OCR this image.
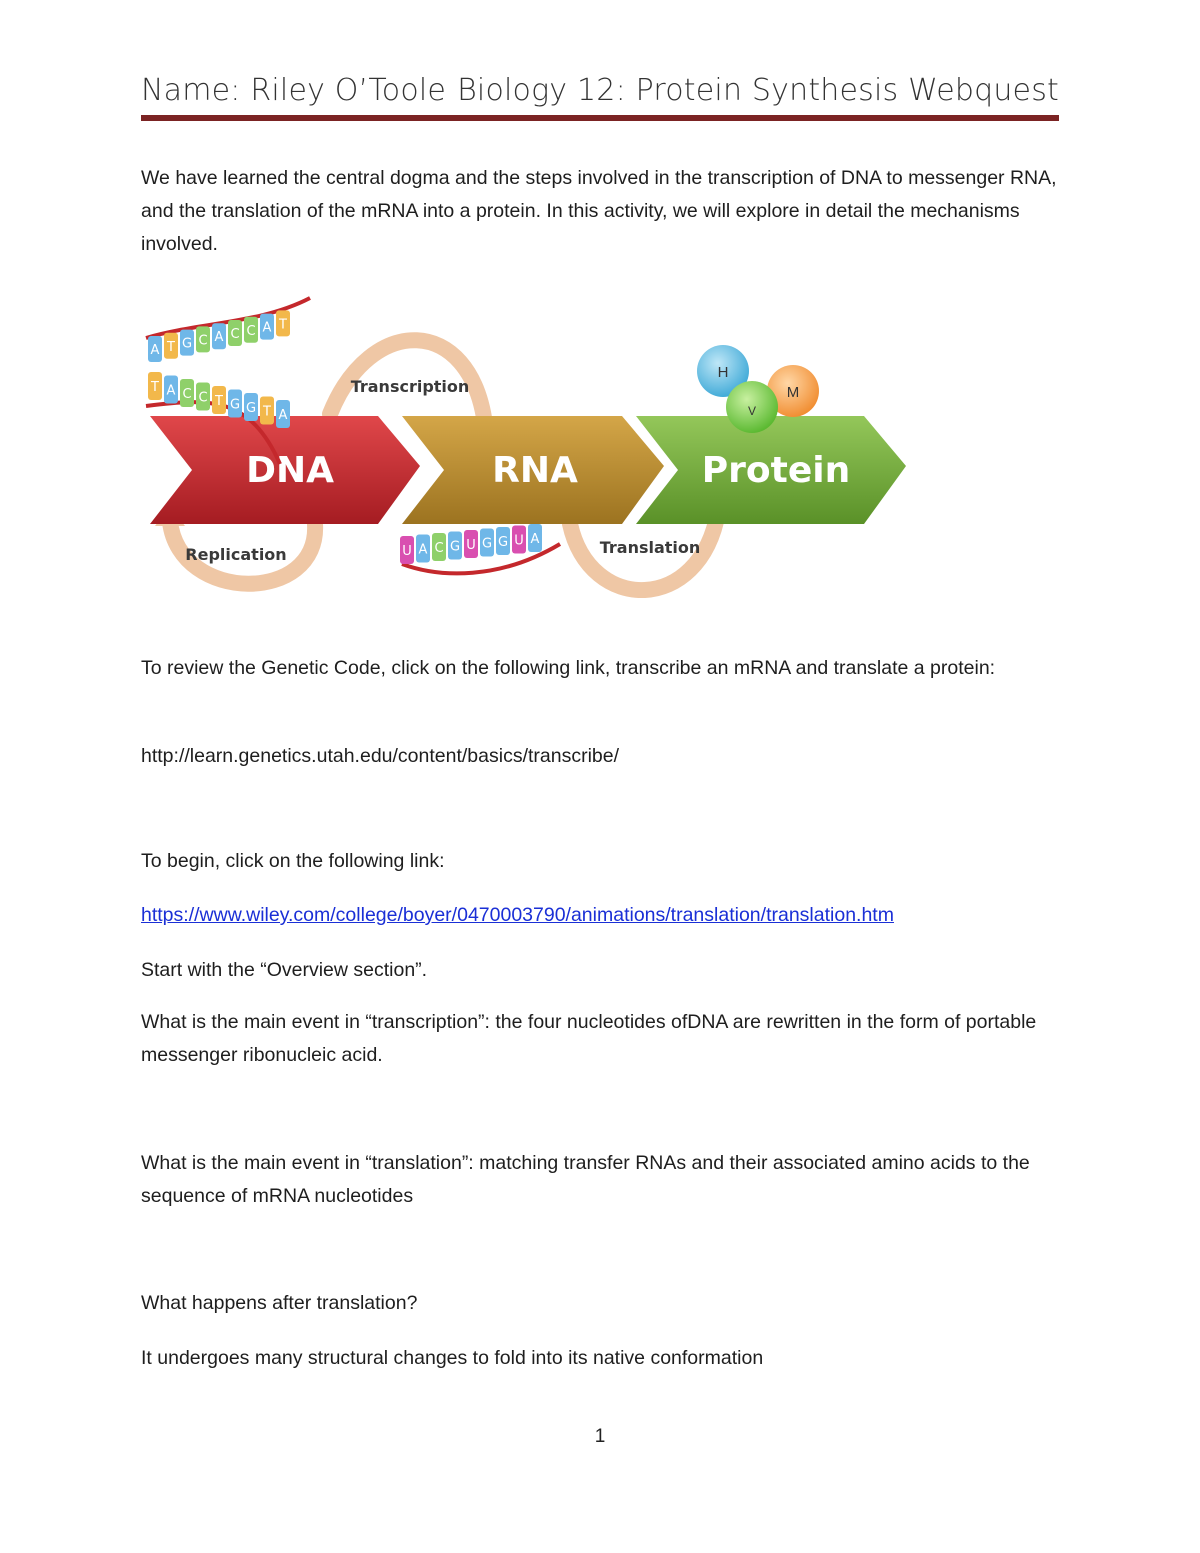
Name: Riley O’Toole Biology 12: Protein Synthesis Webquest
We have learned the central dogma and the steps involved in the transcription of DNA to messenger RNA, and the translation of the mRNA into a protein. In this activity, we will explore in detail the mechanisms involved.
DNA	RNA	Protein
Transcription
Translation
Replication
A T G C A C C A T
T A C C T G G T A
U A C G U G G U A
H
M
V
To review the Genetic Code, click on the following link, transcribe an mRNA and translate a protein:
http://learn.genetics.utah.edu/content/basics/transcribe/
To begin, click on the following link:
https://www.wiley.com/college/boyer/0470003790/animations/translation/translation.htm
Start with the “Overview section”.
What is the main event in “transcription”: the four nucleotides ofDNA are rewritten in the form of portable messenger ribonucleic acid.
What is the main event in “translation”: matching transfer RNAs and their associated amino acids to the sequence of mRNA nucleotides
What happens after translation?
It undergoes many structural changes to fold into its native conformation
1
